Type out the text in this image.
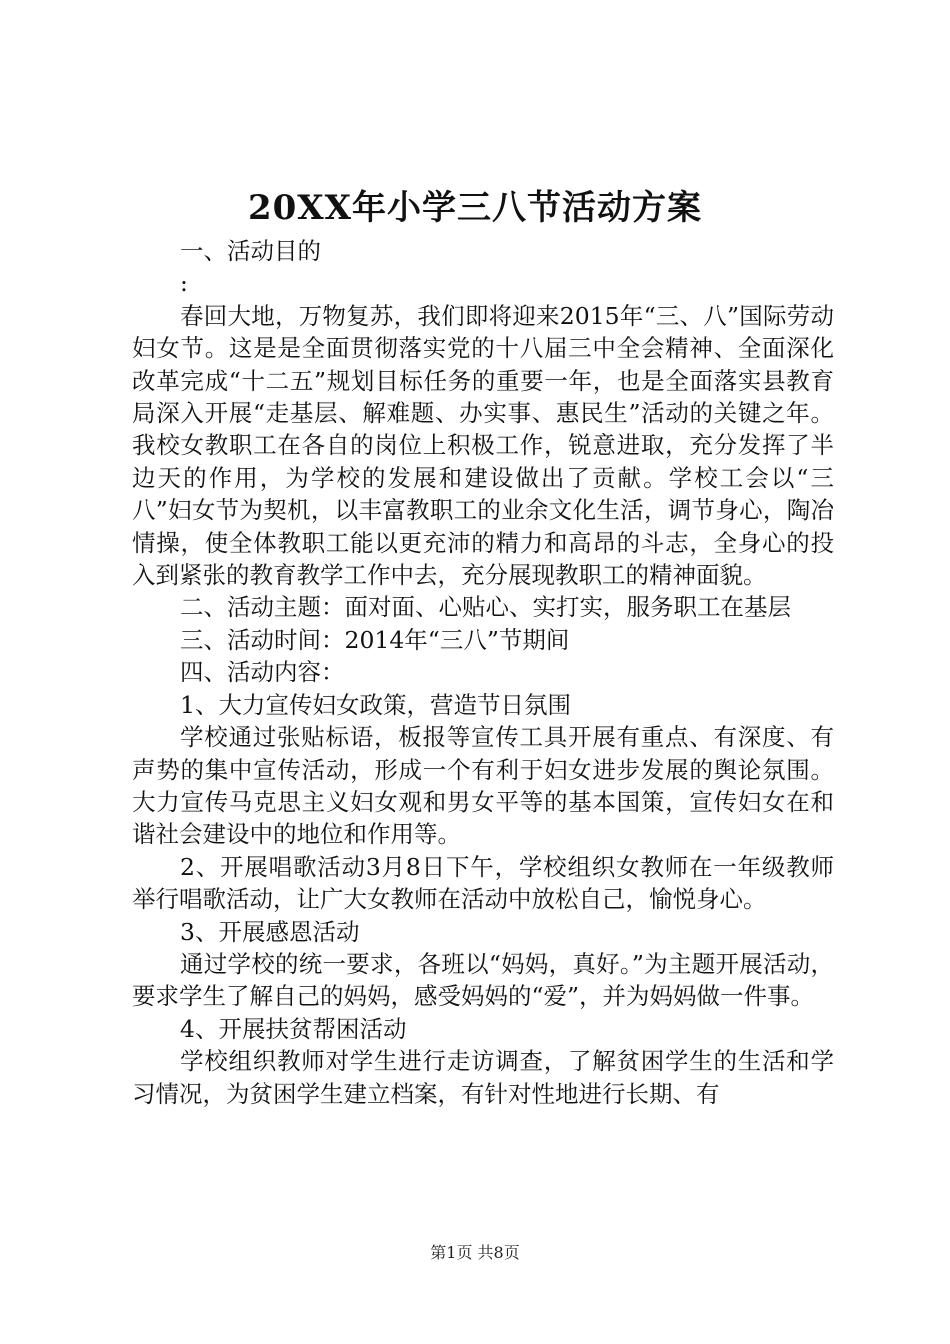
20XX年小学三八节活动方案

一、活动目的

:

春回大地，万物复苏，我们即将迎来2015年“三、八”国际劳动妇女节。这是是全面贯彻落实党的十八届三中全会精神、全面深化改革完成“十二五”规划目标任务的重要一年，也是全面落实县教育局深入开展“走基层、解难题、办实事、惠民生”活动的关键之年。我校女教职工在各自的岗位上积极工作，锐意进取，充分发挥了半边天的作用，为学校的发展和建设做出了贡献。学校工会以“三八”妇女节为契机，以丰富教职工的业余文化生活，调节身心，陶冶情操，使全体教职工能以更充沛的精力和高昂的斗志，全身心的投入到紧张的教育教学工作中去，充分展现教职工的精神面貌。

二、活动主题：面对面、心贴心、实打实，服务职工在基层

三、活动时间：2014年“三八”节期间

四、活动内容：

1、大力宣传妇女政策，营造节日氛围

学校通过张贴标语，板报等宣传工具开展有重点、有深度、有声势的集中宣传活动，形成一个有利于妇女进步发展的舆论氛围。大力宣传马克思主义妇女观和男女平等的基本国策，宣传妇女在和谐社会建设中的地位和作用等。

2、开展唱歌活动3月8日下午，学校组织女教师在一年级教师举行唱歌活动，让广大女教师在活动中放松自己，愉悦身心。

3、开展感恩活动

通过学校的统一要求，各班以“妈妈，真好。”为主题开展活动，要求学生了解自己的妈妈，感受妈妈的“爱”，并为妈妈做一件事。

4、开展扶贫帮困活动

学校组织教师对学生进行走访调查，了解贫困学生的生活和学习情况，为贫困学生建立档案，有针对性地进行长期、有

第1页 共8页
